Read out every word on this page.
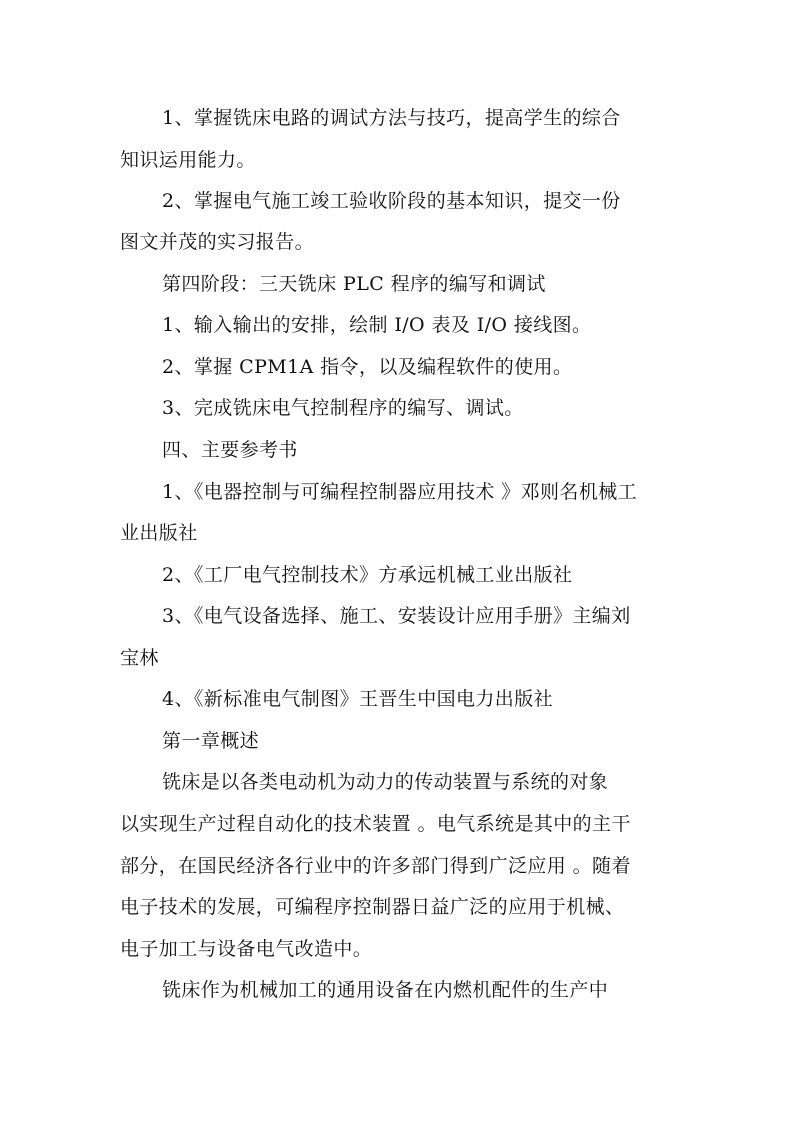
1、掌握铣床电路的调试方法与技巧，提高学生的综合
知识运用能力。
2、掌握电气施工竣工验收阶段的基本知识，提交一份
图文并茂的实习报告。
第四阶段：三天铣床 PLC 程序的编写和调试
1、输入输出的安排，绘制 I/O 表及 I/O 接线图。
2、掌握 CPM1A 指令，以及编程软件的使用。
3、完成铣床电气控制程序的编写、调试。
四、主要参考书
1、《电器控制与可编程控制器应用技术 》邓则名机械工
业出版社
2、《工厂电气控制技术》方承远机械工业出版社
3、《电气设备选择、施工、安装设计应用手册》主编刘
宝林
4、《新标准电气制图》王晋生中国电力出版社
第一章概述
铣床是以各类电动机为动力的传动装置与系统的对象
以实现生产过程自动化的技术装置 。电气系统是其中的主干
部分，在国民经济各行业中的许多部门得到广泛应用 。随着
电子技术的发展，可编程序控制器日益广泛的应用于机械、
电子加工与设备电气改造中。
铣床作为机械加工的通用设备在内燃机配件的生产中
